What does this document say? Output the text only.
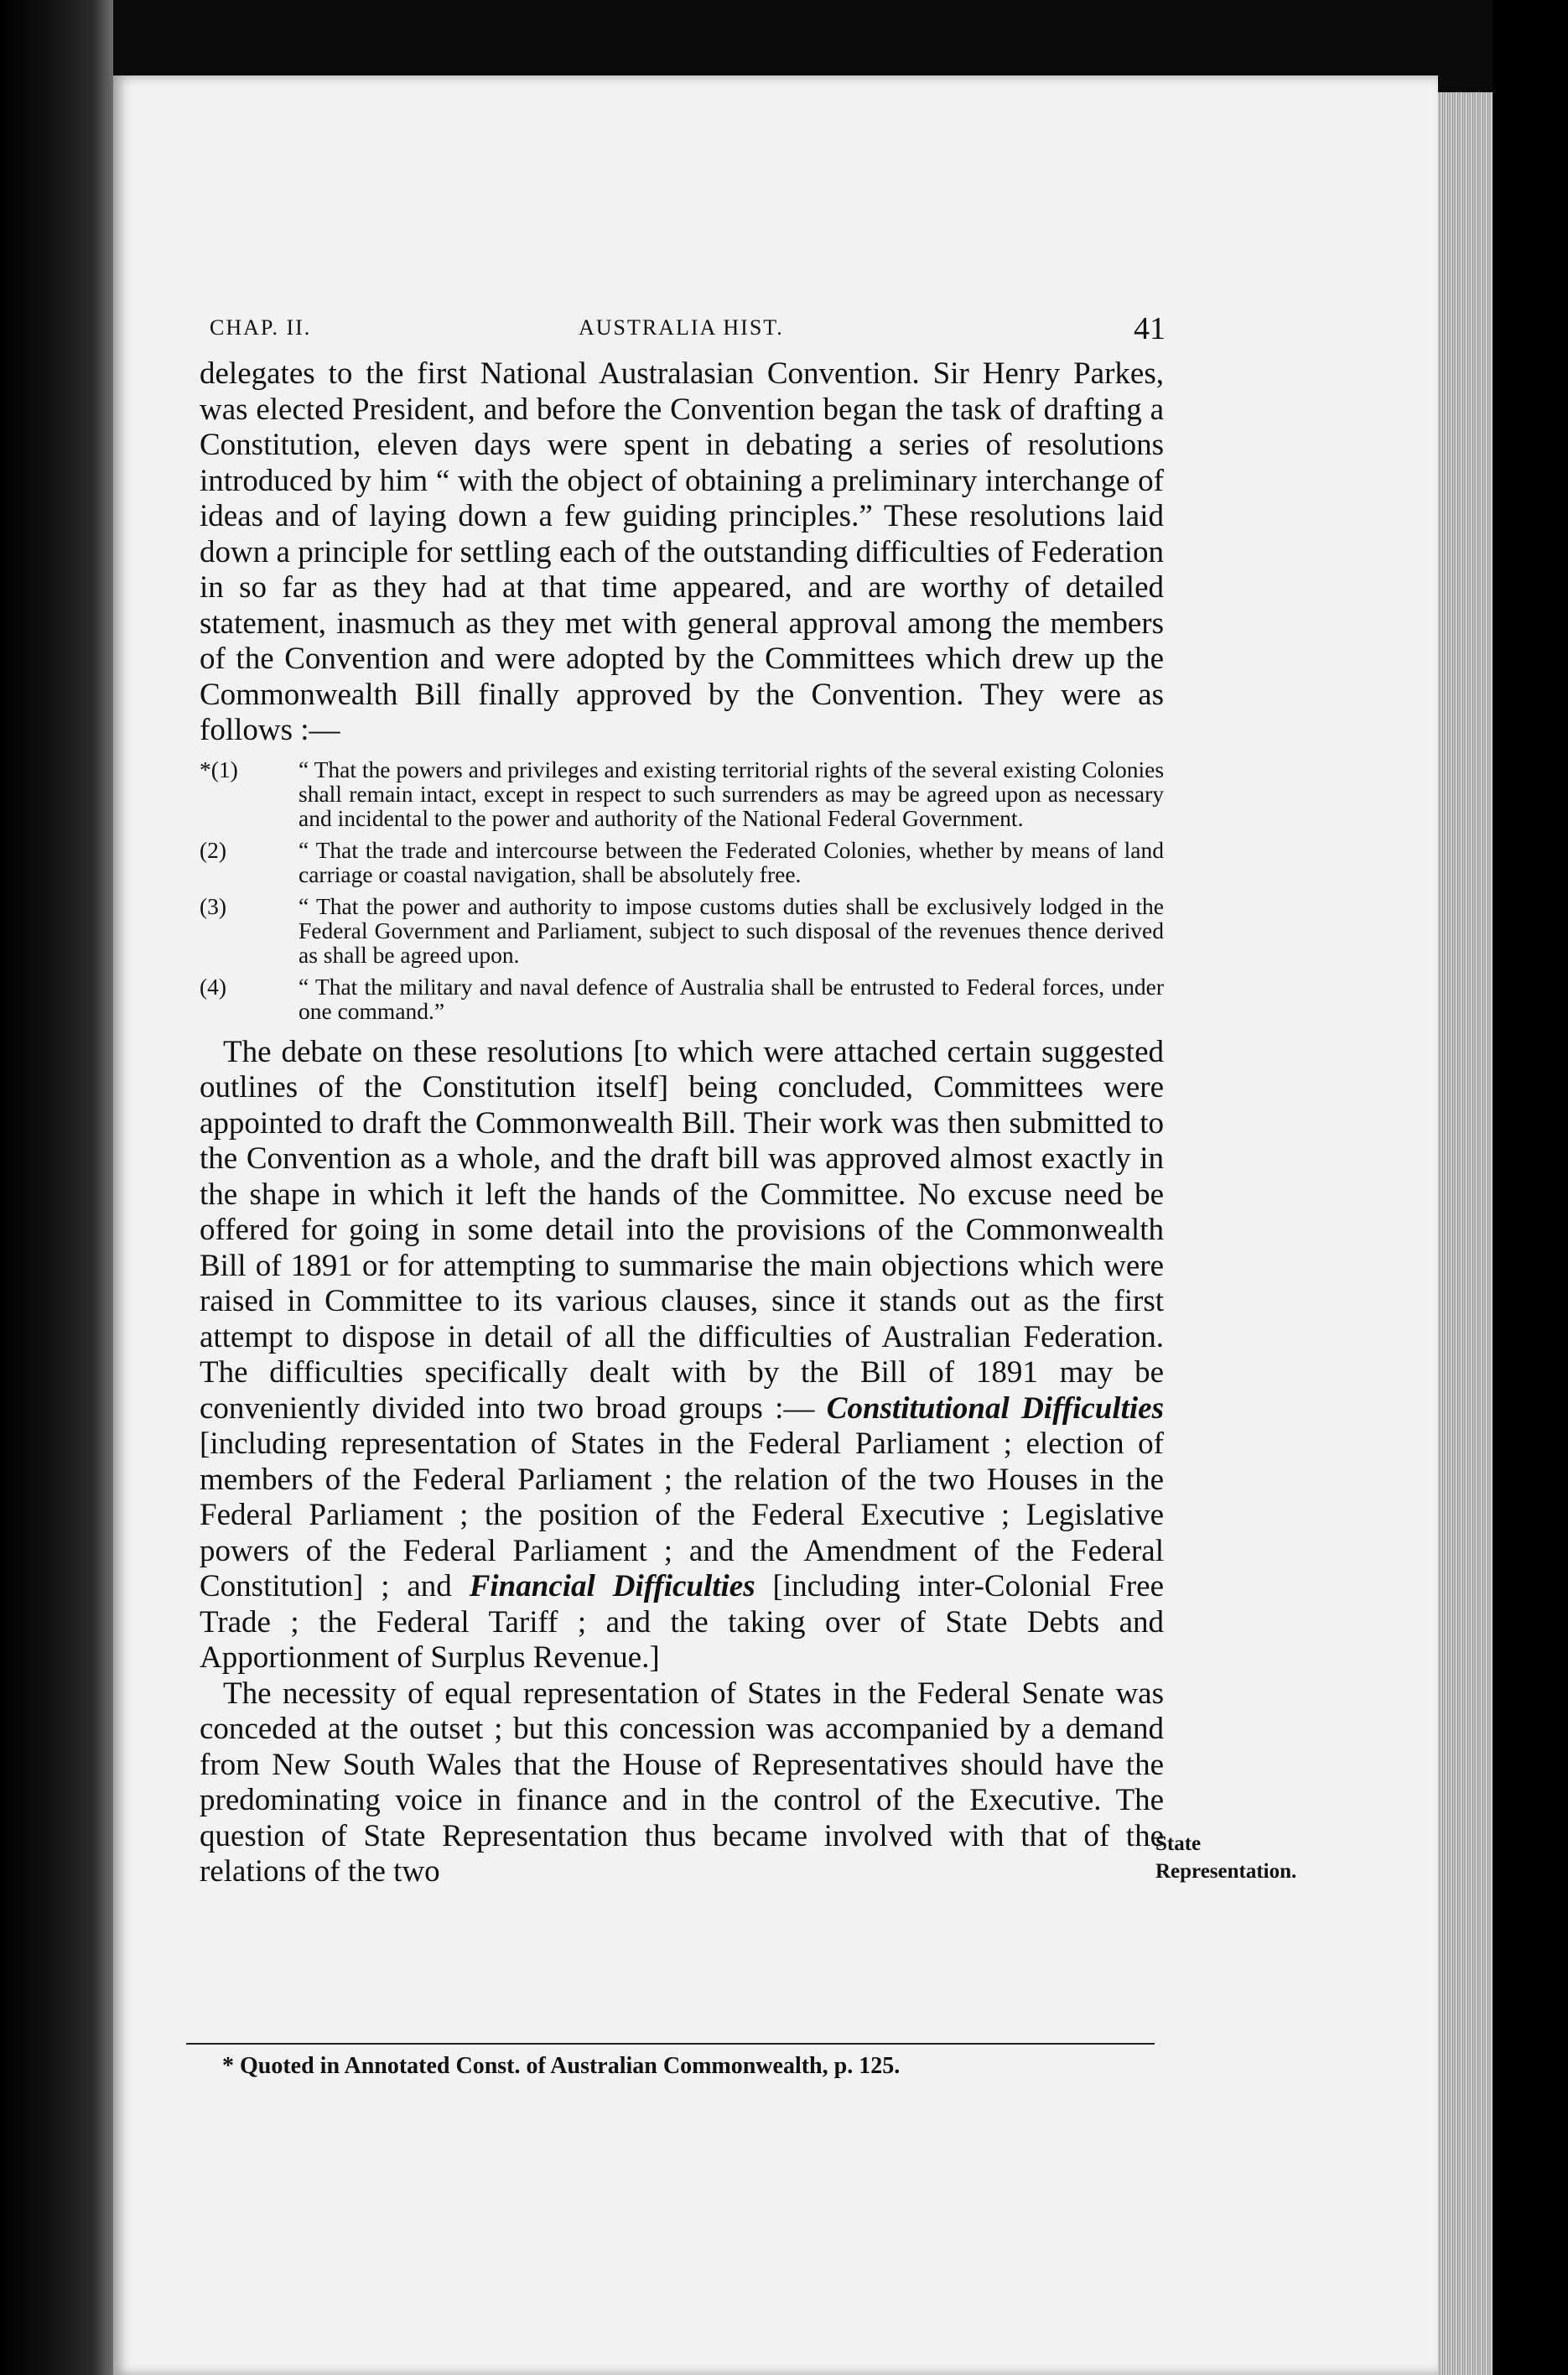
CHAP. II.	AUSTRALIA HIST.	41

delegates to the first National Australasian Convention. Sir Henry Parkes, was elected President, and before the Convention began the task of drafting a Constitution, eleven days were spent in debating a series of resolutions introduced by him “ with the object of obtaining a preliminary interchange of ideas and of laying down a few guiding principles.” These resolutions laid down a principle for settling each of the outstanding difficulties of Federation in so far as they had at that time appeared, and are worthy of detailed statement, inasmuch as they met with general approval among the members of the Convention and were adopted by the Committees which drew up the Commonwealth Bill finally approved by the Convention. They were as follows :—

*(1)	“ That the powers and privileges and existing territorial rights of the several existing Colonies shall remain intact, except in respect to such surrenders as may be agreed upon as necessary and incidental to the power and authority of the National Federal Government.
(2)	“ That the trade and intercourse between the Federated Colonies, whether by means of land carriage or coastal navigation, shall be absolutely free.
(3)	“ That the power and authority to impose customs duties shall be exclusively lodged in the Federal Government and Parliament, subject to such disposal of the revenues thence derived as shall be agreed upon.
(4)	“ That the military and naval defence of Australia shall be entrusted to Federal forces, under one command.”

The debate on these resolutions [to which were attached certain suggested outlines of the Constitution itself] being concluded, Committees were appointed to draft the Commonwealth Bill. Their work was then submitted to the Convention as a whole, and the draft bill was approved almost exactly in the shape in which it left the hands of the Committee. No excuse need be offered for going in some detail into the provisions of the Commonwealth Bill of 1891 or for attempting to summarise the main objections which were raised in Committee to its various clauses, since it stands out as the first attempt to dispose in detail of all the difficulties of Australian Federation. The difficulties specifically dealt with by the Bill of 1891 may be conveniently divided into two broad groups :— Constitutional Difficulties [including representation of States in the Federal Parliament ; election of members of the Federal Parliament ; the relation of the two Houses in the Federal Parliament ; the position of the Federal Executive ; Legislative powers of the Federal Parliament ; and the Amendment of the Federal Constitution] ; and Financial Difficulties [including inter-Colonial Free Trade ; the Federal Tariff ; and the taking over of State Debts and Apportionment of Surplus Revenue.]

The necessity of equal representation of States in the Federal Senate was conceded at the outset ; but this concession was accompanied by a demand from New South Wales that the House of Representatives should have the predominating voice in finance and in the control of the Executive. The question of State Representation thus became involved with that of the relations of the two

State
Representation.
* Quoted in Annotated Const. of Australian Commonwealth, p. 125.
